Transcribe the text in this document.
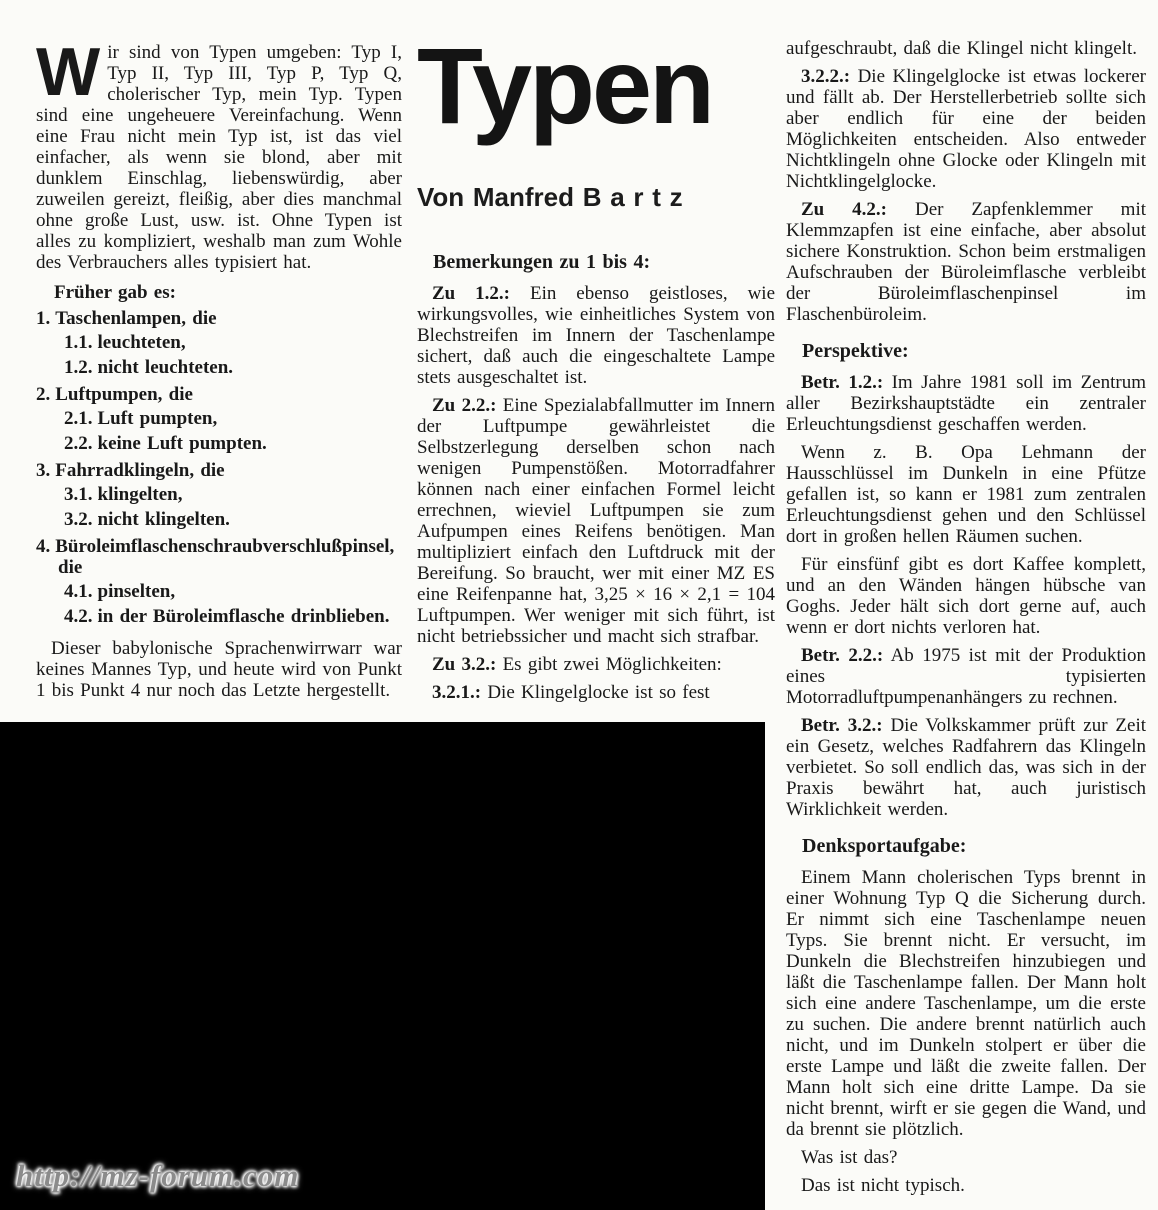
Wir sind von Typen umgeben: Typ I, Typ II, Typ III, Typ P, Typ Q, cholerischer Typ, mein Typ. Typen sind eine ungeheuere Vereinfachung. Wenn eine Frau nicht mein Typ ist, ist das viel einfacher, als wenn sie blond, aber mit dunklem Einschlag, liebenswürdig, aber zuweilen gereizt, fleißig, aber dies manchmal ohne große Lust, usw. ist. Ohne Typen ist alles zu kompliziert, weshalb man zum Wohle des Verbrauchers alles typisiert hat.

Früher gab es:
1. Taschenlampen, die
1.1. leuchteten,
1.2. nicht leuchteten.
2. Luftpumpen, die
2.1. Luft pumpten,
2.2. keine Luft pumpten.
3. Fahrradklingeln, die
3.1. klingelten,
3.2. nicht klingelten.
4. Büroleimflaschenschraubverschlußpinsel, die
4.1. pinselten,
4.2. in der Büroleimflasche drinblieben.

Dieser babylonische Sprachenwirrwarr war keines Mannes Typ, und heute wird von Punkt 1 bis Punkt 4 nur noch das Letzte hergestellt.

Typen
Von Manfred B a r t z
Bemerkungen zu 1 bis 4:

Zu 1.2.: Ein ebenso geistloses, wie wirkungsvolles, wie einheitliches System von Blechstreifen im Innern der Taschenlampe sichert, daß auch die eingeschaltete Lampe stets ausgeschaltet ist.

Zu 2.2.: Eine Spezialabfallmutter im Innern der Luftpumpe gewährleistet die Selbstzerlegung derselben schon nach wenigen Pumpenstößen. Motorradfahrer können nach einer einfachen Formel leicht errechnen, wieviel Luftpumpen sie zum Aufpumpen eines Reifens benötigen. Man multipliziert einfach den Luftdruck mit der Bereifung. So braucht, wer mit einer MZ ES eine Reifenpanne hat, 3,25 × 16 × 2,1 = 104 Luftpumpen. Wer weniger mit sich führt, ist nicht betriebssicher und macht sich strafbar.

Zu 3.2.: Es gibt zwei Möglichkeiten:

3.2.1.: Die Klingelglocke ist so fest

aufgeschraubt, daß die Klingel nicht klingelt.

3.2.2.: Die Klingelglocke ist etwas lockerer und fällt ab. Der Herstellerbetrieb sollte sich aber endlich für eine der beiden Möglichkeiten entscheiden. Also entweder Nichtklingeln ohne Glocke oder Klingeln mit Nichtklingelglocke.

Zu 4.2.: Der Zapfenklemmer mit Klemmzapfen ist eine einfache, aber absolut sichere Konstruktion. Schon beim erstmaligen Aufschrauben der Büroleimflasche verbleibt der Büroleimflaschenpinsel im Flaschenbüroleim.

Perspektive:

Betr. 1.2.: Im Jahre 1981 soll im Zentrum aller Bezirkshauptstädte ein zentraler Erleuchtungsdienst geschaffen werden.

Wenn z. B. Opa Lehmann der Hausschlüssel im Dunkeln in eine Pfütze gefallen ist, so kann er 1981 zum zentralen Erleuchtungsdienst gehen und den Schlüssel dort in großen hellen Räumen suchen.

Für einsfünf gibt es dort Kaffee komplett, und an den Wänden hängen hübsche van Goghs. Jeder hält sich dort gerne auf, auch wenn er dort nichts verloren hat.

Betr. 2.2.: Ab 1975 ist mit der Produktion eines typisierten Motorradluftpumpenanhängers zu rechnen.

Betr. 3.2.: Die Volkskammer prüft zur Zeit ein Gesetz, welches Radfahrern das Klingeln verbietet. So soll endlich das, was sich in der Praxis bewährt hat, auch juristisch Wirklichkeit werden.

Denksportaufgabe:

Einem Mann cholerischen Typs brennt in einer Wohnung Typ Q die Sicherung durch. Er nimmt sich eine Taschenlampe neuen Typs. Sie brennt nicht. Er versucht, im Dunkeln die Blechstreifen hinzubiegen und läßt die Taschenlampe fallen. Der Mann holt sich eine andere Taschenlampe, um die erste zu suchen. Die andere brennt natürlich auch nicht, und im Dunkeln stolpert er über die erste Lampe und läßt die zweite fallen. Der Mann holt sich eine dritte Lampe. Da sie nicht brennt, wirft er sie gegen die Wand, und da brennt sie plötzlich.

Was ist das?

Das ist nicht typisch.

http://mz-forum.com
